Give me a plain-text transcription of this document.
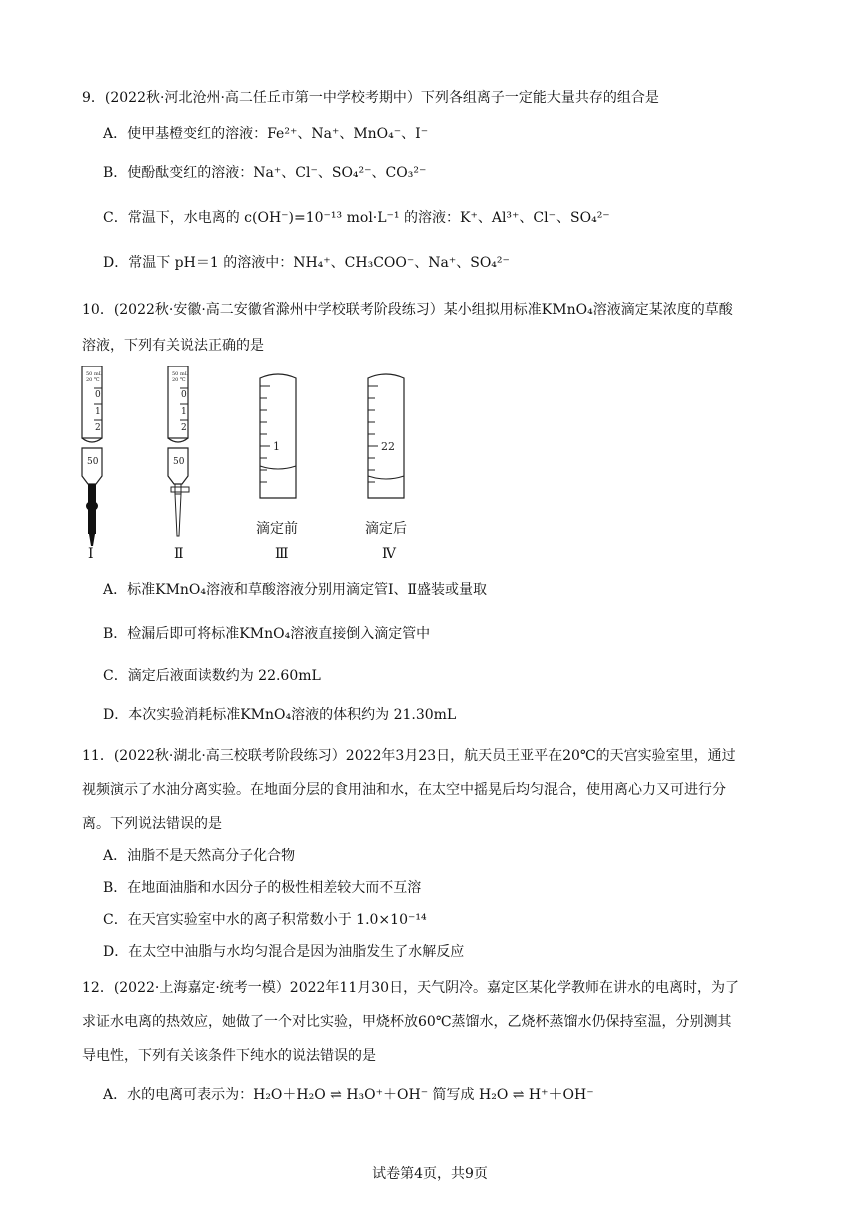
9．(2022秋·河北沧州·高二任丘市第一中学校考期中）下列各组离子一定能大量共存的组合是
A．使甲基橙变红的溶液：Fe²⁺、Na⁺、MnO₄⁻、I⁻
B．使酚酞变红的溶液：Na⁺、Cl⁻、SO₄²⁻、CO₃²⁻
C．常温下，水电离的 c(OH⁻)=10⁻¹³ mol·L⁻¹ 的溶液：K⁺、Al³⁺、Cl⁻、SO₄²⁻
D．常温下 pH＝1 的溶液中：NH₄⁺、CH₃COO⁻、Na⁺、SO₄²⁻
10．(2022秋·安徽·高二安徽省滁州中学校联考阶段练习）某小组拟用标准KMnO₄溶液滴定某浓度的草酸
溶液，下列有关说法正确的是
50 mL
20 ℃
0
1
2
50
50 mL
20 ℃
0
1
2
50
1	22
滴定前	滴定后
Ⅰ	Ⅱ	Ⅲ	Ⅳ
A．标准KMnO₄溶液和草酸溶液分别用滴定管Ⅰ、Ⅱ盛装或量取
B．检漏后即可将标准KMnO₄溶液直接倒入滴定管中
C．滴定后液面读数约为 22.60mL
D．本次实验消耗标准KMnO₄溶液的体积约为 21.30mL
11．(2022秋·湖北·高三校联考阶段练习）2022年3月23日，航天员王亚平在20℃的天宫实验室里，通过
视频演示了水油分离实验。在地面分层的食用油和水，在太空中摇晃后均匀混合，使用离心力又可进行分
离。下列说法错误的是
A．油脂不是天然高分子化合物
B．在地面油脂和水因分子的极性相差较大而不互溶
C．在天宫实验室中水的离子积常数小于 1.0×10⁻¹⁴
D．在太空中油脂与水均匀混合是因为油脂发生了水解反应
12．(2022·上海嘉定·统考一模）2022年11月30日，天气阴冷。嘉定区某化学教师在讲水的电离时，为了
求证水电离的热效应，她做了一个对比实验，甲烧杯放60℃蒸馏水，乙烧杯蒸馏水仍保持室温，分别测其
导电性，下列有关该条件下纯水的说法错误的是
A．水的电离可表示为：H₂O＋H₂O ⇌ H₃O⁺＋OH⁻ 简写成 H₂O ⇌ H⁺＋OH⁻
试卷第4页，共9页
